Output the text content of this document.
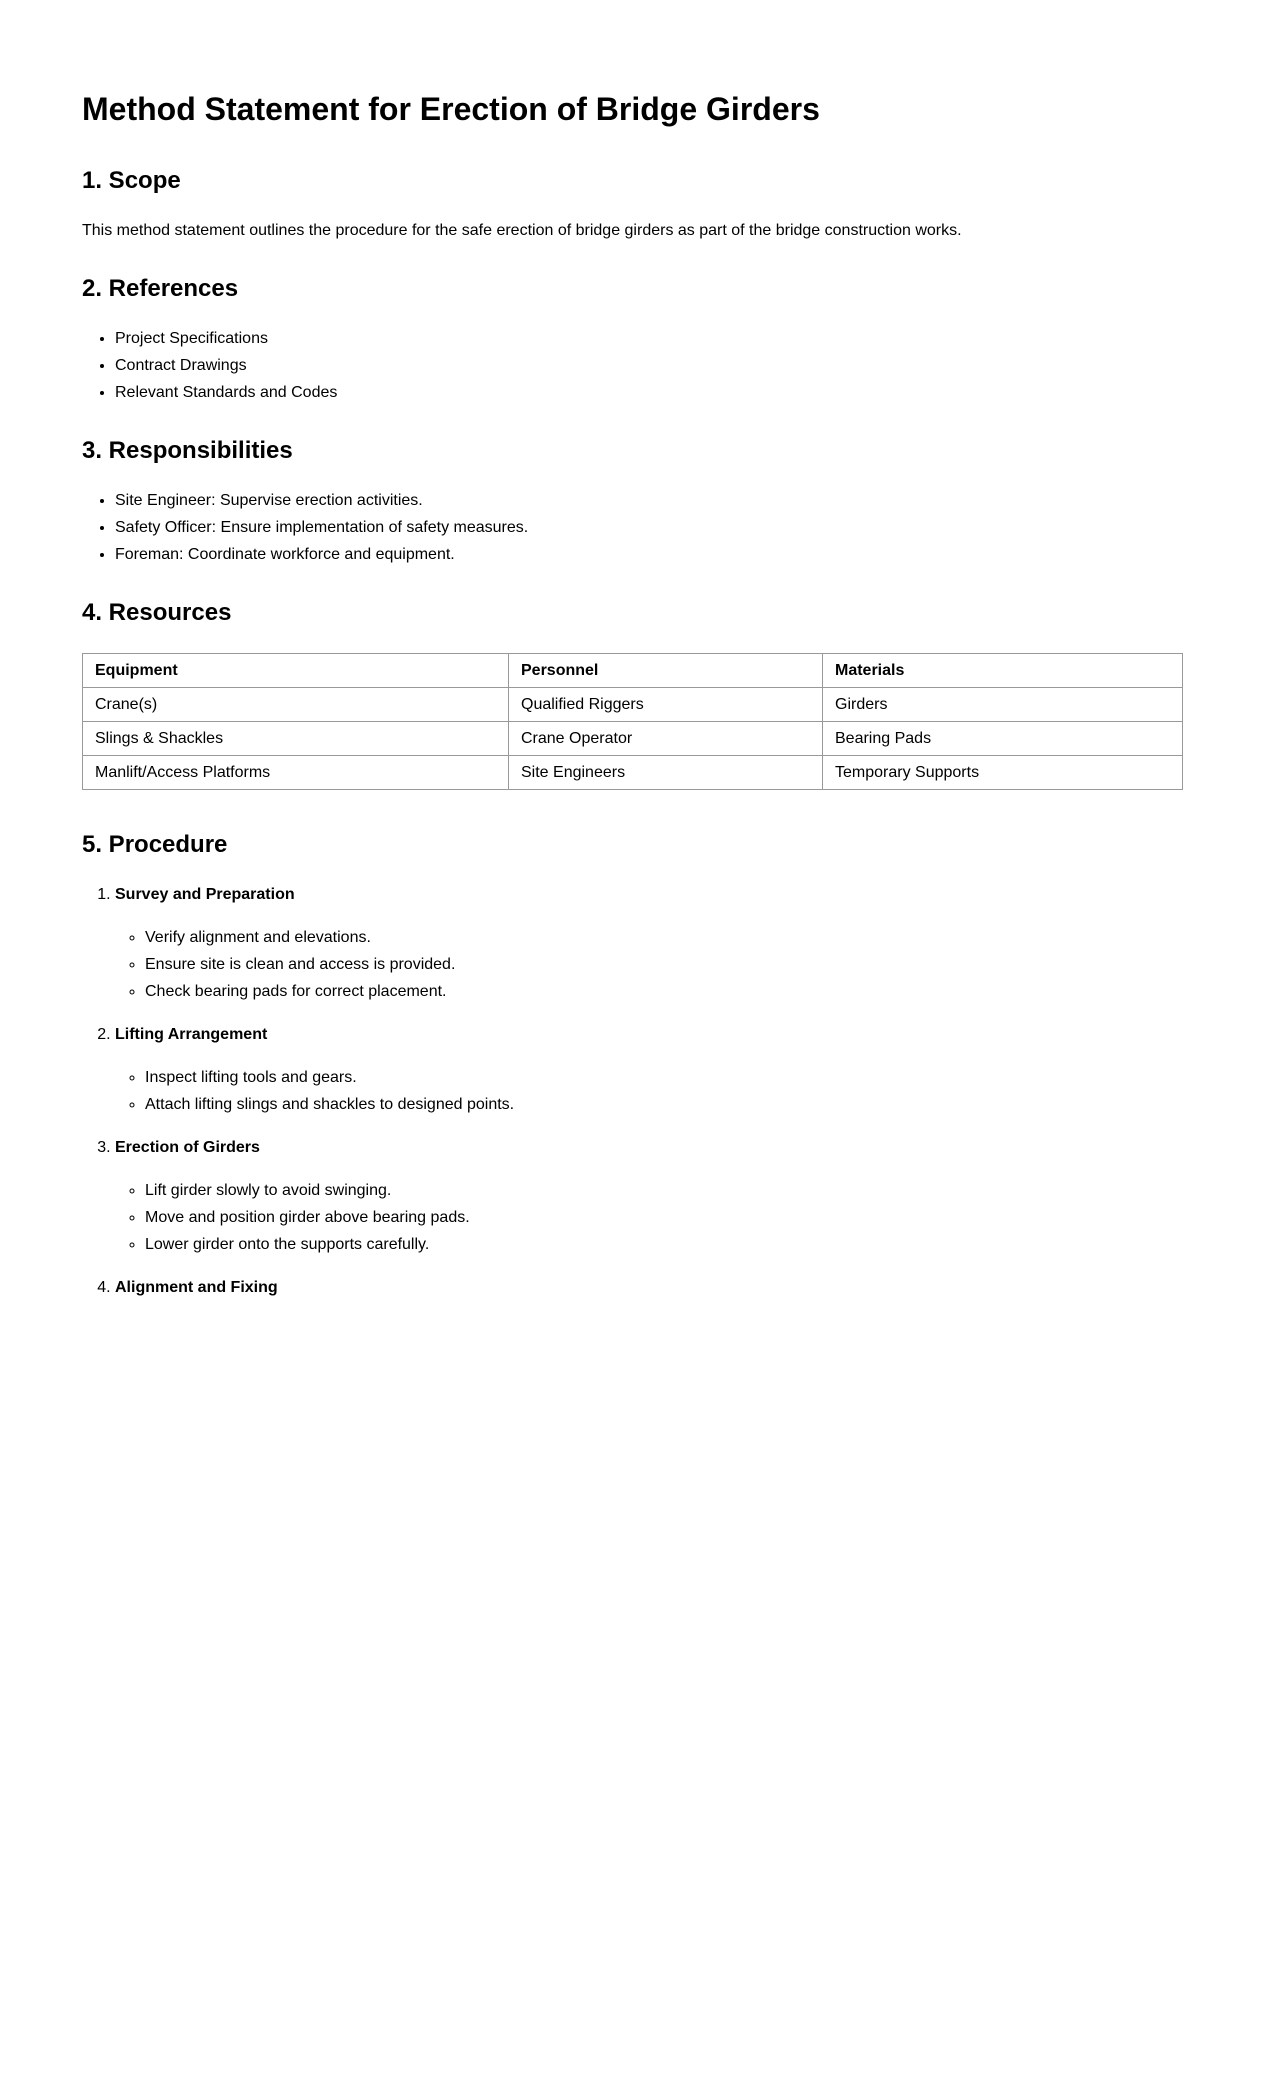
Method Statement for Erection of Bridge Girders
1. Scope

This method statement outlines the procedure for the safe erection of bridge girders as part of the bridge construction works.

2. References
• Project Specifications
• Contract Drawings
• Relevant Standards and Codes
3. Responsibilities
• Site Engineer: Supervise erection activities.
• Safety Officer: Ensure implementation of safety measures.
• Foreman: Coordinate workforce and equipment.
4. Resources
Equipment	Personnel	Materials
Crane(s)	Qualified Riggers	Girders
Slings & Shackles	Crane Operator	Bearing Pads
Manlift/Access Platforms	Site Engineers	Temporary Supports
5. Procedure

1. Survey and Preparation

◦ Verify alignment and elevations.
◦ Ensure site is clean and access is provided.
◦ Check bearing pads for correct placement.

2. Lifting Arrangement

◦ Inspect lifting tools and gears.
◦ Attach lifting slings and shackles to designed points.

3. Erection of Girders

◦ Lift girder slowly to avoid swinging.
◦ Move and position girder above bearing pads.
◦ Lower girder onto the supports carefully.

4. Alignment and Fixing
